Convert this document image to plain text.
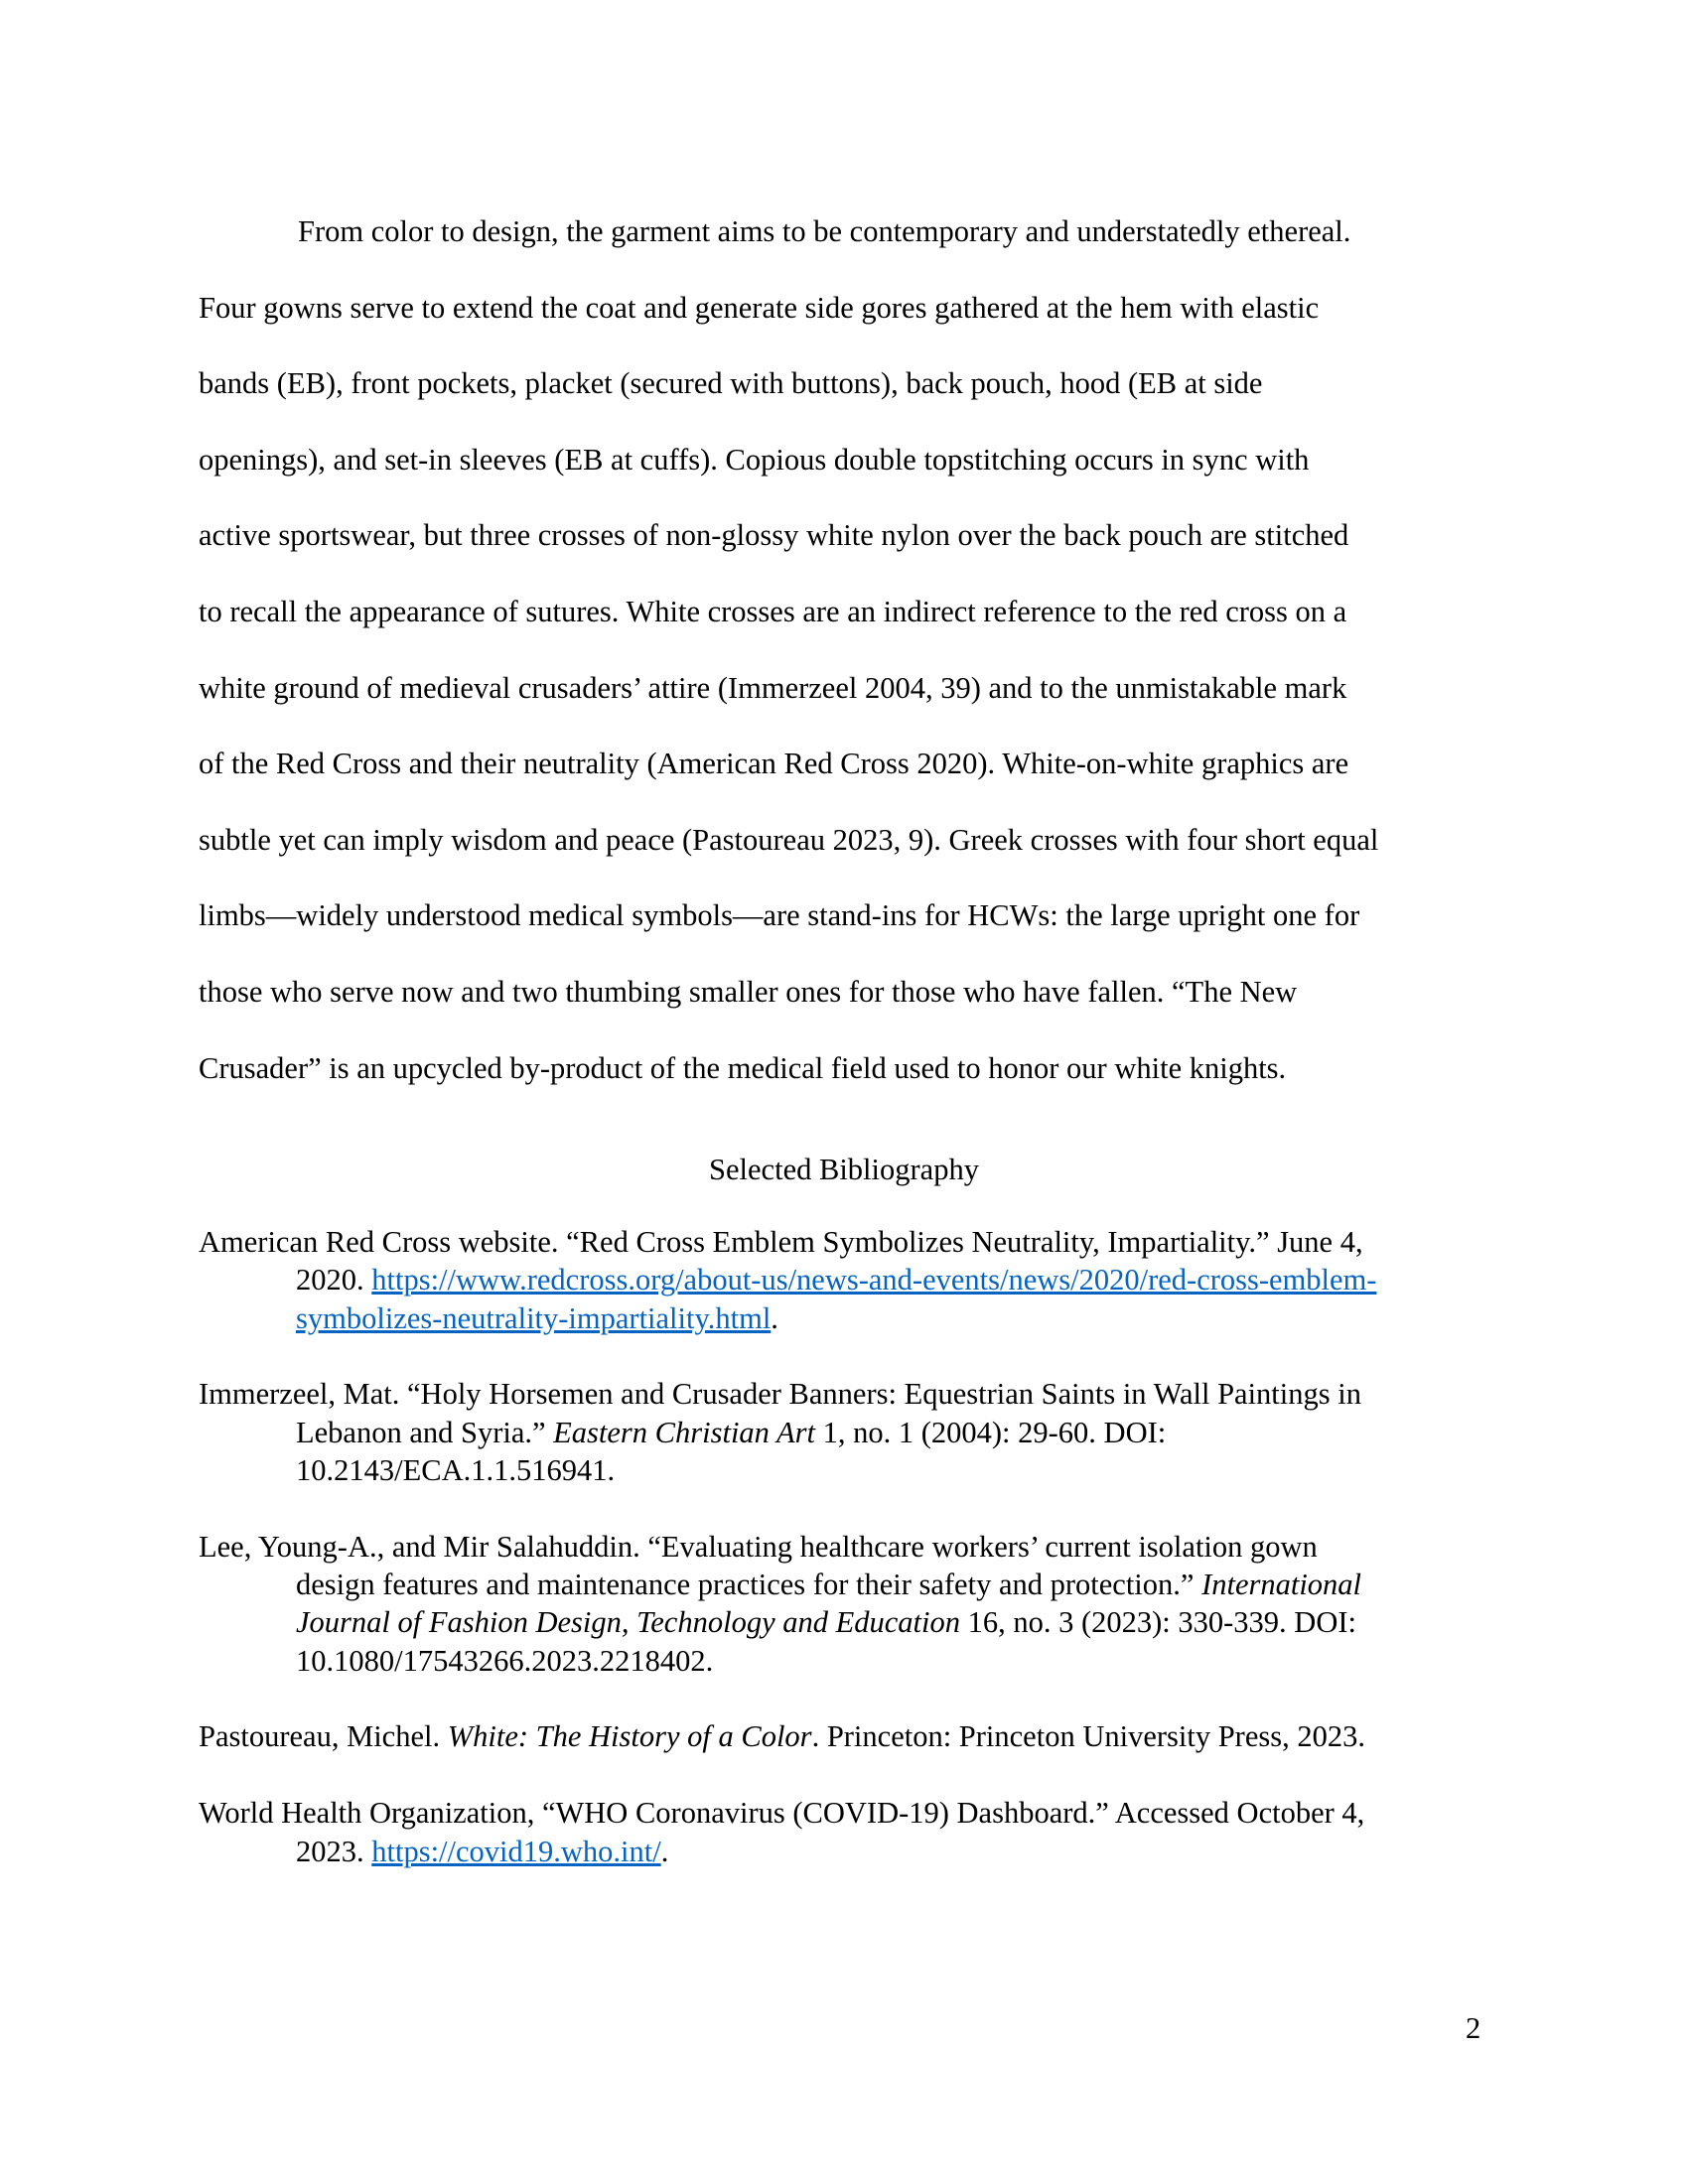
From color to design, the garment aims to be contemporary and understatedly ethereal.
Four gowns serve to extend the coat and generate side gores gathered at the hem with elastic
bands (EB), front pockets, placket (secured with buttons), back pouch, hood (EB at side
openings), and set-in sleeves (EB at cuffs). Copious double topstitching occurs in sync with
active sportswear, but three crosses of non-glossy white nylon over the back pouch are stitched
to recall the appearance of sutures. White crosses are an indirect reference to the red cross on a
white ground of medieval crusaders’ attire (Immerzeel 2004, 39) and to the unmistakable mark
of the Red Cross and their neutrality (American Red Cross 2020). White-on-white graphics are
subtle yet can imply wisdom and peace (Pastoureau 2023, 9). Greek crosses with four short equal
limbs—widely understood medical symbols—are stand-ins for HCWs: the large upright one for
those who serve now and two thumbing smaller ones for those who have fallen. “The New
Crusader” is an upcycled by-product of the medical field used to honor our white knights.
Selected Bibliography
American Red Cross website. “Red Cross Emblem Symbolizes Neutrality, Impartiality.” June 4,
2020. https://www.redcross.org/about-us/news-and-events/news/2020/red-cross-emblem-
symbolizes-neutrality-impartiality.html.
Immerzeel, Mat. “Holy Horsemen and Crusader Banners: Equestrian Saints in Wall Paintings in
Lebanon and Syria.” Eastern Christian Art 1, no. 1 (2004): 29-60. DOI:
10.2143/ECA.1.1.516941.
Lee, Young-A., and Mir Salahuddin. “Evaluating healthcare workers’ current isolation gown
design features and maintenance practices for their safety and protection.” International
Journal of Fashion Design, Technology and Education 16, no. 3 (2023): 330-339. DOI:
10.1080/17543266.2023.2218402.
Pastoureau, Michel. White: The History of a Color. Princeton: Princeton University Press, 2023.
World Health Organization, “WHO Coronavirus (COVID-19) Dashboard.” Accessed October 4,
2023. https://covid19.who.int/.
2
